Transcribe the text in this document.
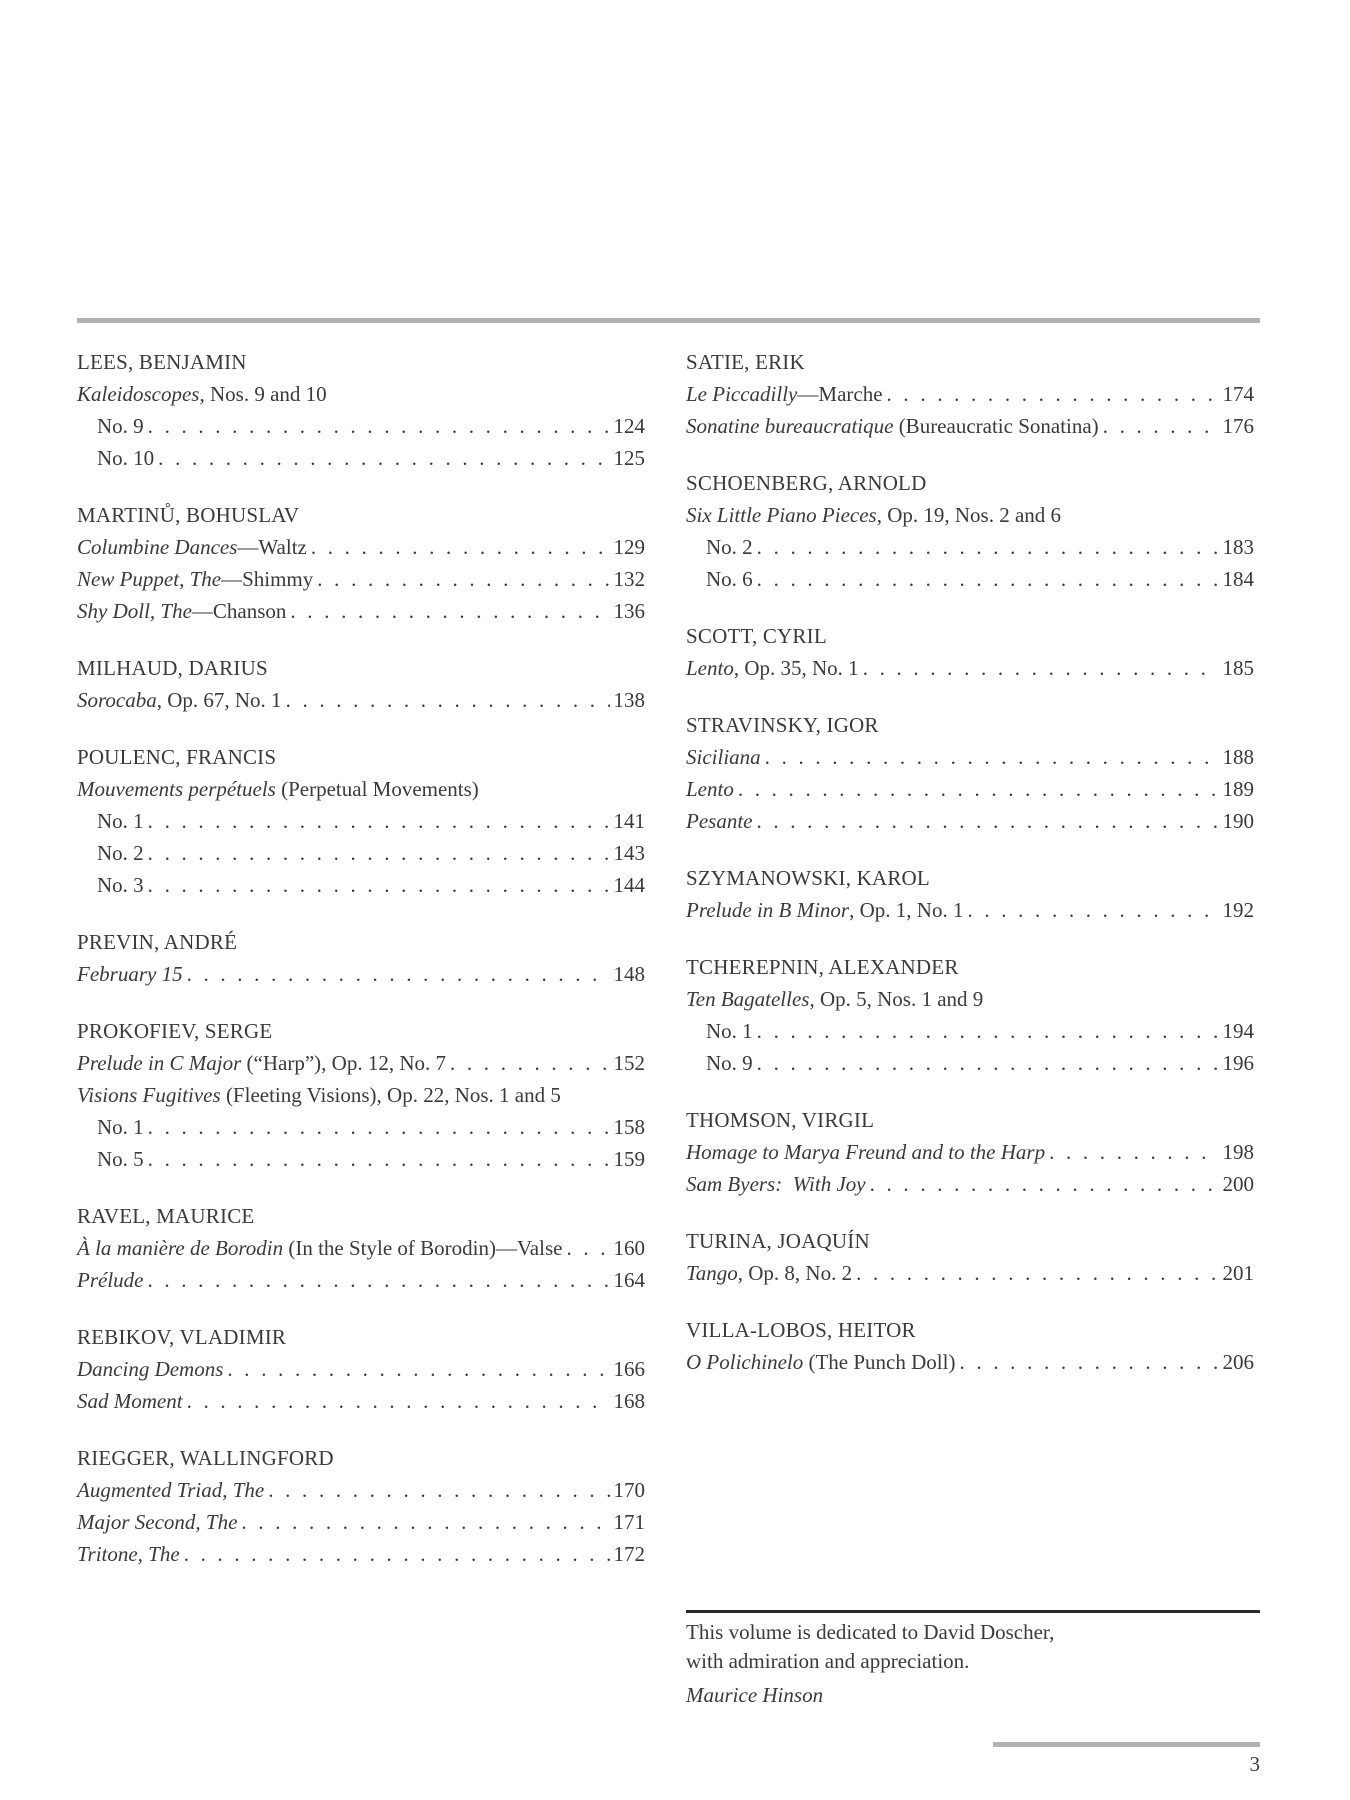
LEES, BENJAMIN
Kaleidoscopes, Nos. 9 and 10
No. 9 . . .	124
No. 10 . . .	125
MARTINŮ, BOHUSLAV
Columbine Dances—Waltz . . .	129
New Puppet, The—Shimmy . . .	132
Shy Doll, The—Chanson . . .	136
MILHAUD, DARIUS
Sorocaba, Op. 67, No. 1 . . .	138
POULENC, FRANCIS
Mouvements perpétuels (Perpetual Movements)
No. 1 . . .	141
No. 2 . . .	143
No. 3 . . .	144
PREVIN, ANDRÉ
February 15 . . .	148
PROKOFIEV, SERGE
Prelude in C Major (“Harp”), Op. 12, No. 7 . . .	152
Visions Fugitives (Fleeting Visions), Op. 22, Nos. 1 and 5
No. 1 . . .	158
No. 5 . . .	159
RAVEL, MAURICE
À la manière de Borodin (In the Style of Borodin)—Valse . . . 160
Prélude . . .	164
REBIKOV, VLADIMIR
Dancing Demons . . .	166
Sad Moment . . .	168
RIEGGER, WALLINGFORD
Augmented Triad, The . . .	170
Major Second, The . . .	171
Tritone, The . . .	172
SATIE, ERIK
Le Piccadilly—Marche . . .	174
Sonatine bureaucratique (Bureaucratic Sonatina) . . .	176
SCHOENBERG, ARNOLD
Six Little Piano Pieces, Op. 19, Nos. 2 and 6
No. 2 . . .	183
No. 6 . . .	184
SCOTT, CYRIL
Lento, Op. 35, No. 1 . . .	185
STRAVINSKY, IGOR
Siciliana . . .	188
Lento . . .	189
Pesante . . .	190
SZYMANOWSKI, KAROL
Prelude in B Minor, Op. 1, No. 1 . . .	192
TCHEREPNIN, ALEXANDER
Ten Bagatelles, Op. 5, Nos. 1 and 9
No. 1 . . .	194
No. 9 . . .	196
THOMSON, VIRGIL
Homage to Marya Freund and to the Harp . . .	198
Sam Byers:  With Joy . . .	200
TURINA, JOAQUÍN
Tango, Op. 8, No. 2 . . .	201
VILLA-LOBOS, HEITOR
O Polichinelo (The Punch Doll) . . .	206
This volume is dedicated to David Doscher,
with admiration and appreciation.
Maurice Hinson
3
